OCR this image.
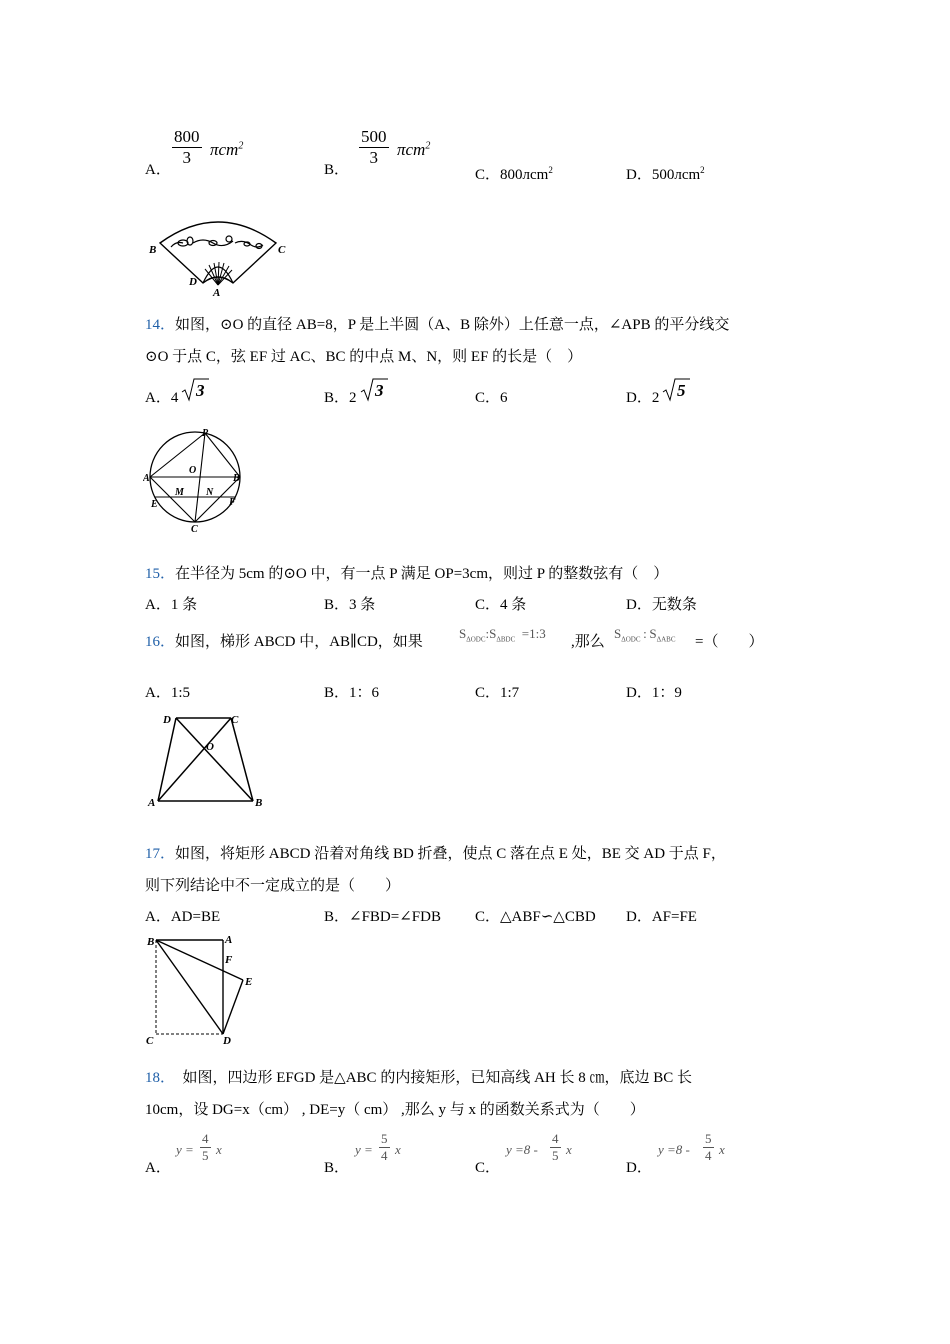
A．
$\frac{800}{3} \pi cm^2$
B．
$\frac{500}{3} \pi cm^2$
C．800лcm$^2$	D．500лcm$^2$
B	C
D
A
14．如图，⊙O 的直径 AB=8，P 是上半圆（A、B 除外）上任意一点，∠APB 的平分线交
⊙O 于点 C，弦 EF 过 AC、BC 的中点 M、N，则 EF 的长是（　）
A．4 3	B．2 3	C．6	D．2 5
P
A
O
B
M N
E	F
C
15．在半径为 5cm 的⊙O 中，有一点 P 满足 OP=3cm，则过 P 的整数弦有（　）
A．1 条	B．3 条	C．4 条	D．无数条
16．如图，梯形 ABCD 中，AB∥CD，如果
$S_{\Delta ODC}:S_{\Delta BDC}$  =1:3
,那么
$S_{\Delta ODC}$  :  $S_{\Delta ABC}$ =（　　）
A．1:5	B．1：6	C．1:7	D．1：9
D	C
O
A	B
17．如图，将矩形 ABCD 沿着对角线 BD 折叠，使点 C 落在点 E 处，BE 交 AD 于点 F，
则下列结论中不一定成立的是（　　）
A．AD=BE	B．∠FBD=∠FDB C．△ABF∽△CBD D．AF=FE
B	A
F
E
C	D
18．　如图，四边形 EFGD 是△ABC 的内接矩形，已知高线 AH 长 8 ㎝，底边 BC 长
10cm，设 DG=x（cm） , DE=y（ cm） ,那么 y 与 x 的函数关系式为（　　）
A．
$y = \frac{4}{5}$ x
B．
$y = \frac{5}{4}$ x
C．
$y =8 - \frac{4}{5}$ x
D．
$y =8 - \frac{5}{4}$ x
